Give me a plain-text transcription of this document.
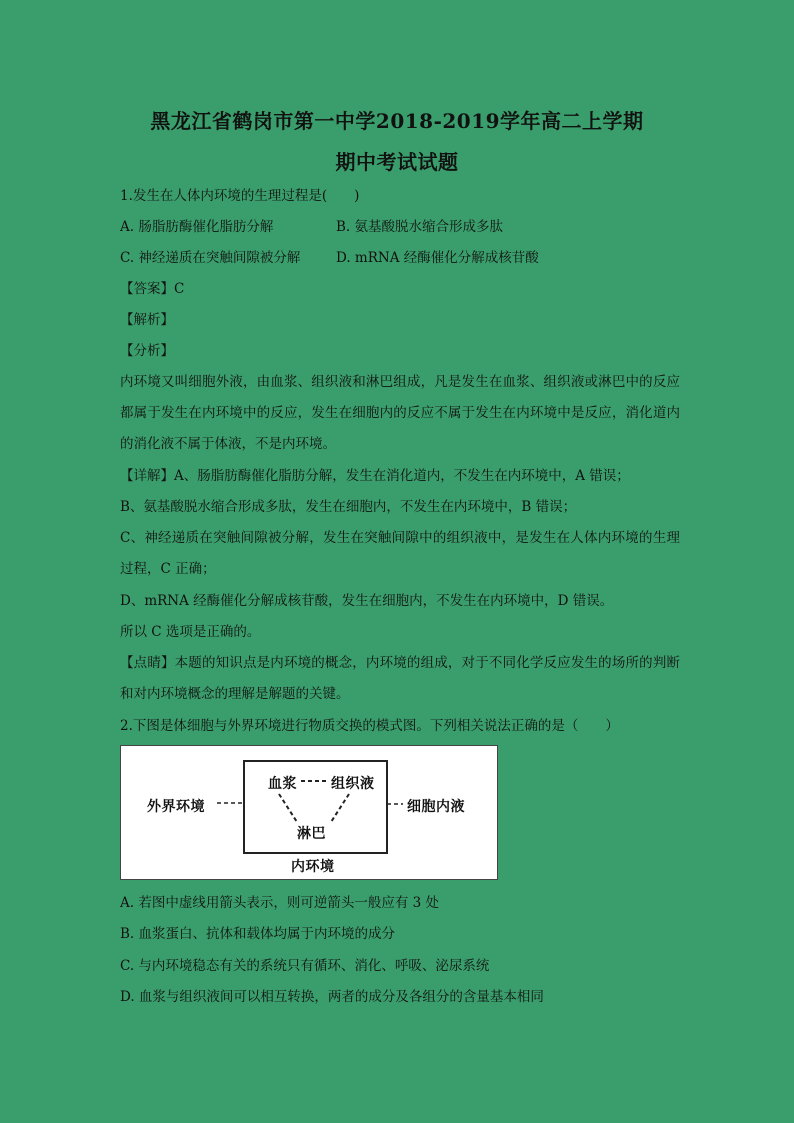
黑龙江省鹤岗市第一中学2018-2019学年高二上学期
期中考试试题
1.发生在人体内环境的生理过程是(　　)
A. 肠脂肪酶催化脂肪分解	B. 氨基酸脱水缩合形成多肽
C. 神经递质在突触间隙被分解	D. mRNA 经酶催化分解成核苷酸
【答案】C
【解析】
【分析】
内环境又叫细胞外液，由血浆、组织液和淋巴组成，凡是发生在血浆、组织液或淋巴中的反应都属于发生在内环境中的反应，发生在细胞内的反应不属于发生在内环境中是反应，消化道内的消化液不属于体液，不是内环境。
【详解】A、肠脂肪酶催化脂肪分解，发生在消化道内，不发生在内环境中，A 错误；
B、氨基酸脱水缩合形成多肽，发生在细胞内，不发生在内环境中，B 错误；
C、神经递质在突触间隙被分解，发生在突触间隙中的组织液中，是发生在人体内环境的生理过程，C 正确；
D、mRNA 经酶催化分解成核苷酸，发生在细胞内，不发生在内环境中，D 错误。
所以 C 选项是正确的。
【点睛】本题的知识点是内环境的概念，内环境的组成，对于不同化学反应发生的场所的判断和对内环境概念的理解是解题的关键。
2.下图是体细胞与外界环境进行物质交换的模式图。下列相关说法正确的是（　　）
外界环境
血浆 组织液
淋巴
细胞内液
内环境
A. 若图中虚线用箭头表示，则可逆箭头一般应有 3 处
B. 血浆蛋白、抗体和载体均属于内环境的成分
C. 与内环境稳态有关的系统只有循环、消化、呼吸、泌尿系统
D. 血浆与组织液间可以相互转换，两者的成分及各组分的含量基本相同
